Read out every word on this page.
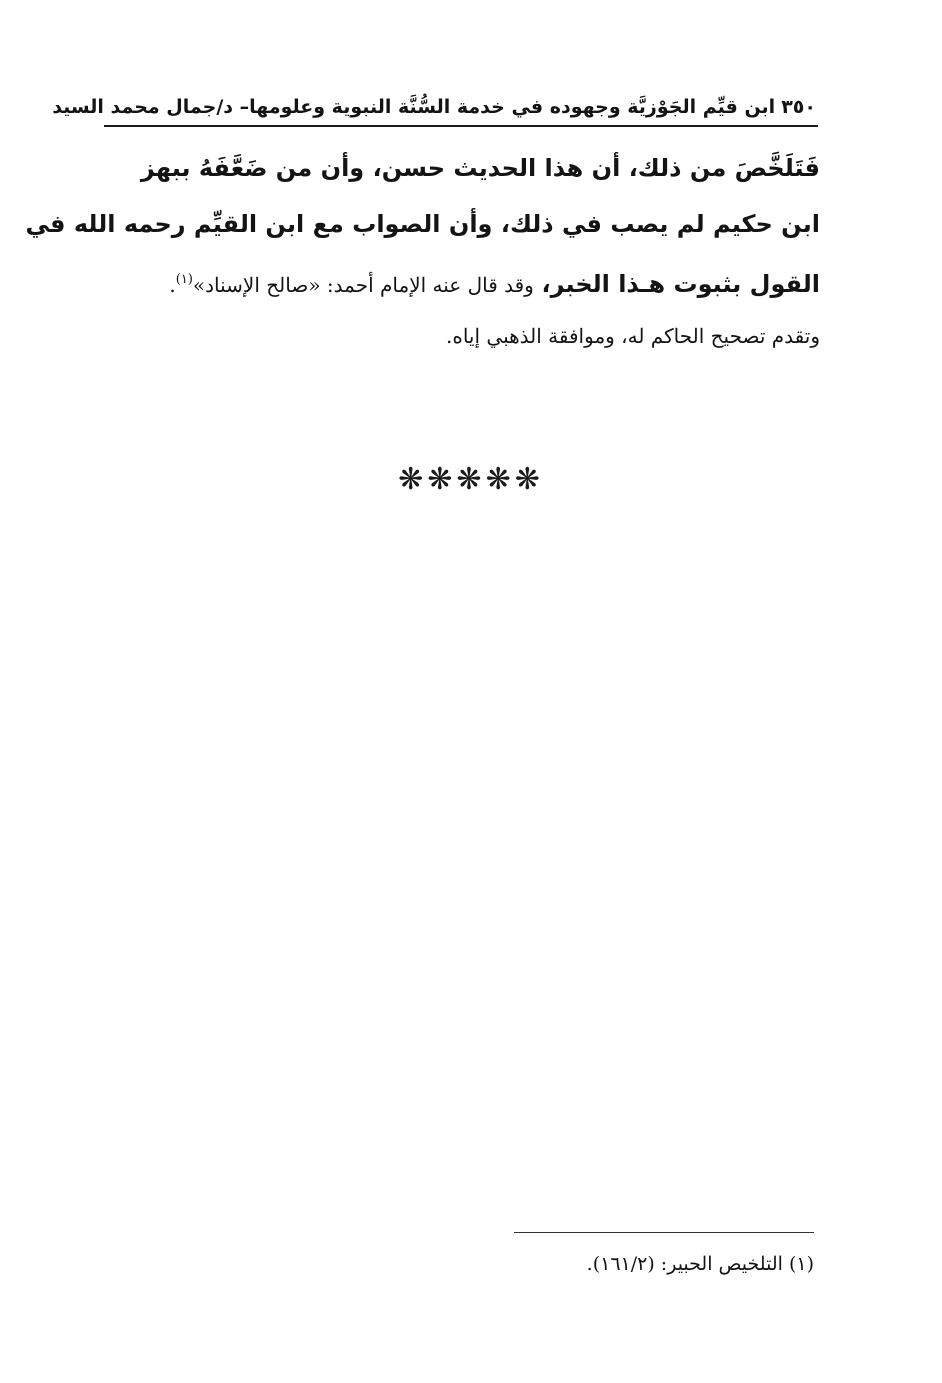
٣٥٠ابن قيِّم الجَوْزيَّة وجهوده في خدمة السُّنَّة النبوية وعلومها– د/جمال محمد السيد
فَتَلَخَّصَ من ذلك، أن هذا الحديث حسن، وأن من ضَعَّفَهُ ببهز
ابن حكيم لم يصب في ذلك، وأن الصواب مع ابن القيِّم رحمه الله في
القول بثبوت هـذا الخبر، وقد قال عنه الإمام أحمد: «صالح الإسناد»$^{(١)}$.
وتقدم تصحيح الحاكم له، وموافقة الذهبي إياه.
❋❋❋❋❋
(١) التلخيص الحبير: (١٦١/٢).
